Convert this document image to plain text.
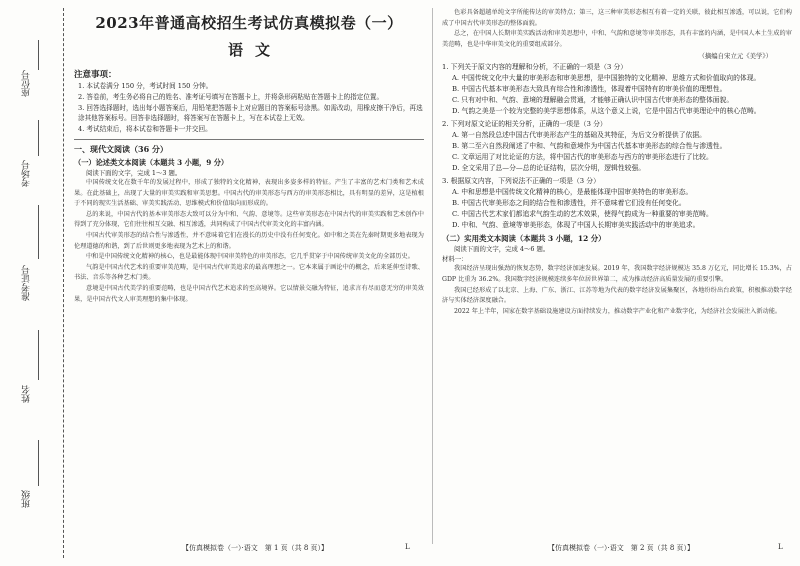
座位号
考场号
准考证号
姓名
班级
2023年普通高校招生考试仿真模拟卷（一）
语文
注意事项：
1. 本试卷满分 150 分，考试时间 150 分钟。
2. 答卷前，考生务必将自己的姓名、准考证号填写在答题卡上，并将条形码粘贴在答题卡上的指定位置。
3. 回答选择题时，选出每小题答案后，用铅笔把答题卡上对应题目的答案标号涂黑。如需改动，用橡皮擦干净后，再选涂其他答案标号。回答非选择题时，将答案写在答题卡上，写在本试卷上无效。
4. 考试结束后，将本试卷和答题卡一并交回。
一、现代文阅读（36 分）
（一）论述类文本阅读（本题共 3 小题，9 分）
阅读下面的文字，完成 1～3 题。

中国传统文化在数千年的发展过程中，形成了独特的文化精神，表现出多姿多样的特征。产生了丰富的艺术门类和艺术成果。在此基础上，出现了大量的审美实践和审美思想。中国古代的审美形态与西方的审美形态相比，具有明显的差异，这是植根于不同的现实生活基础、审美实践活动、思维模式和价值取向而形成的。

总的来说，中国古代的基本审美形态大致可以分为中和、气韵、意境等。这些审美形态在中国古代的审美实践和艺术创作中得到了充分体现，它们往往相互交融、相互渗透，共同构成了中国古代审美文化的丰富内涵。

中国古代审美形态的结合性与渗透性，并不意味着它们在漫长的历史中没有任何变化。如中和之美在先秦时期更多地表现为伦理道德的和谐，到了后世则更多地表现为艺术上的和谐。

中和是中国传统文化精神的核心，也是最能体现中国审美特色的审美形态，它几乎贯穿于中国传统审美文化的全部历史。

气韵是中国古代艺术的重要审美范畴，是中国古代审美追求的最高理想之一。它本来属于画论中的概念，后来延伸至诗歌、书法、音乐等各种艺术门类。

意境是中国古代美学的重要范畴，也是中国古代艺术追求的至高境界。它以情景交融为特征，追求言有尽而意无穷的审美效果，是中国古代文人审美理想的集中体现。

色彩具备超越单纯文字所能传达的审美特点；第三，这三种审美形态相互有着一定的关联，彼此相互渗透，可以说，它们构成了中国古代审美形态的整体面貌。

总之，在中国人长期审美实践活动和审美思想中，中和、气韵和意境等审美形态，具有丰富的内涵，是中国人本土生成的审美范畴，也是中华审美文化的重要组成部分。

（摘编自宋立元《美学》）
1. 下列关于原文内容的理解和分析，不正确的一项是（3 分）
A. 中国传统文化中大量的审美形态和审美思想，是中国独特的文化精神、思维方式和价值取向的体现。
B. 中国古代基本审美形态大致具有综合性和渗透性，体现着中国特有的审美价值的理想性。
C. 只有对中和、气韵、意境的理解融会贯通，才能够正确认识中国古代审美形态的整体面貌。
D. 气韵之美是一个较为完整的美学思想体系，从这个意义上说，它是中国古代审美理论中的核心范畴。
2. 下列对原文论证的相关分析，正确的一项是（3 分）
A. 第一自然段总述中国古代审美形态产生的基础及其特征，为后文分析提供了依据。
B. 第二至六自然段阐述了中和、气韵和意境作为中国古代基本审美形态的综合性与渗透性。
C. 文章运用了对比论证的方法，将中国古代的审美形态与西方的审美形态进行了比较。
D. 全文采用了总—分—总的论证结构，层次分明，逻辑性较强。
3. 根据原文内容，下列说法不正确的一项是（3 分）
A. 中和思想是中国传统文化精神的核心，是最能体现中国审美特色的审美形态。
B. 中国古代审美形态之间的结合性和渗透性，并不意味着它们没有任何变化。
C. 中国古代艺术家们都追求气韵生动的艺术效果，使得气韵成为一种重要的审美范畴。
D. 中和、气韵、意境等审美形态，体现了中国人长期审美实践活动中的审美追求。
（二）实用类文本阅读（本题共 3 小题，12 分）
阅读下面的文字，完成 4～6 题。
材料一：

我国经济呈现出强劲的恢复态势，数字经济加速发展。2019 年，我国数字经济规模达 35.8 万亿元，同比增长 15.3%，占 GDP 比重为 36.2%。我国数字经济规模连续多年位居世界第二，成为推动经济高质量发展的重要引擎。

我国已经形成了以北京、上海、广东、浙江、江苏等地为代表的数字经济发展集聚区，各地纷纷出台政策，积极推动数字经济与实体经济深度融合。

2022 年上半年，国家在数字基础设施建设方面持续发力，推动数字产业化和产业数字化，为经济社会发展注入新动能。

【仿真模拟卷（一）·语文　第 1 页（共 8 页）】	L	【仿真模拟卷（一）·语文　第 2 页（共 8 页）】	L
